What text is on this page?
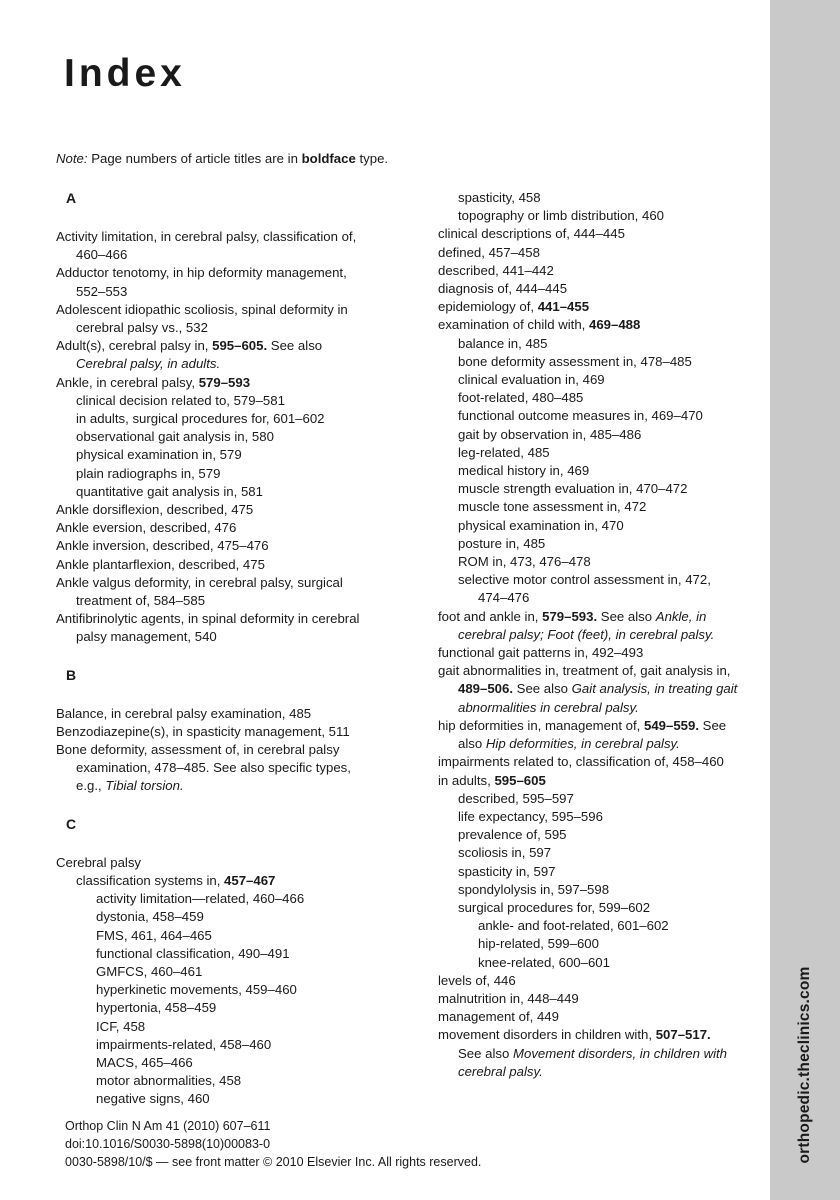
orthopedic.theclinics.com
Index
Note: Page numbers of article titles are in boldface type.
A
Activity limitation, in cerebral palsy, classification of,
460–466
Adductor tenotomy, in hip deformity management,
552–553
Adolescent idiopathic scoliosis, spinal deformity in
cerebral palsy vs., 532
Adult(s), cerebral palsy in, 595–605. See also
Cerebral palsy, in adults.
Ankle, in cerebral palsy, 579–593
clinical decision related to, 579–581
in adults, surgical procedures for, 601–602
observational gait analysis in, 580
physical examination in, 579
plain radiographs in, 579
quantitative gait analysis in, 581
Ankle dorsiflexion, described, 475
Ankle eversion, described, 476
Ankle inversion, described, 475–476
Ankle plantarflexion, described, 475
Ankle valgus deformity, in cerebral palsy, surgical
treatment of, 584–585
Antifibrinolytic agents, in spinal deformity in cerebral
palsy management, 540
B
Balance, in cerebral palsy examination, 485
Benzodiazepine(s), in spasticity management, 511
Bone deformity, assessment of, in cerebral palsy
examination, 478–485. See also specific types,
e.g., Tibial torsion.
C
Cerebral palsy
classification systems in, 457–467
activity limitation—related, 460–466
dystonia, 458–459
FMS, 461, 464–465
functional classification, 490–491
GMFCS, 460–461
hyperkinetic movements, 459–460
hypertonia, 458–459
ICF, 458
impairments-related, 458–460
MACS, 465–466
motor abnormalities, 458
negative signs, 460
spasticity, 458
topography or limb distribution, 460
clinical descriptions of, 444–445
defined, 457–458
described, 441–442
diagnosis of, 444–445
epidemiology of, 441–455
examination of child with, 469–488
balance in, 485
bone deformity assessment in, 478–485
clinical evaluation in, 469
foot-related, 480–485
functional outcome measures in, 469–470
gait by observation in, 485–486
leg-related, 485
medical history in, 469
muscle strength evaluation in, 470–472
muscle tone assessment in, 472
physical examination in, 470
posture in, 485
ROM in, 473, 476–478
selective motor control assessment in, 472,
474–476
foot and ankle in, 579–593. See also Ankle, in
cerebral palsy; Foot (feet), in cerebral palsy.
functional gait patterns in, 492–493
gait abnormalities in, treatment of, gait analysis in,
489–506. See also Gait analysis, in treating gait
abnormalities in cerebral palsy.
hip deformities in, management of, 549–559. See
also Hip deformities, in cerebral palsy.
impairments related to, classification of, 458–460
in adults, 595–605
described, 595–597
life expectancy, 595–596
prevalence of, 595
scoliosis in, 597
spasticity in, 597
spondylolysis in, 597–598
surgical procedures for, 599–602
ankle- and foot-related, 601–602
hip-related, 599–600
knee-related, 600–601
levels of, 446
malnutrition in, 448–449
management of, 449
movement disorders in children with, 507–517.
See also Movement disorders, in children with
cerebral palsy.
Orthop Clin N Am 41 (2010) 607–611
doi:10.1016/S0030-5898(10)00083-0
0030-5898/10/$ — see front matter © 2010 Elsevier Inc. All rights reserved.
